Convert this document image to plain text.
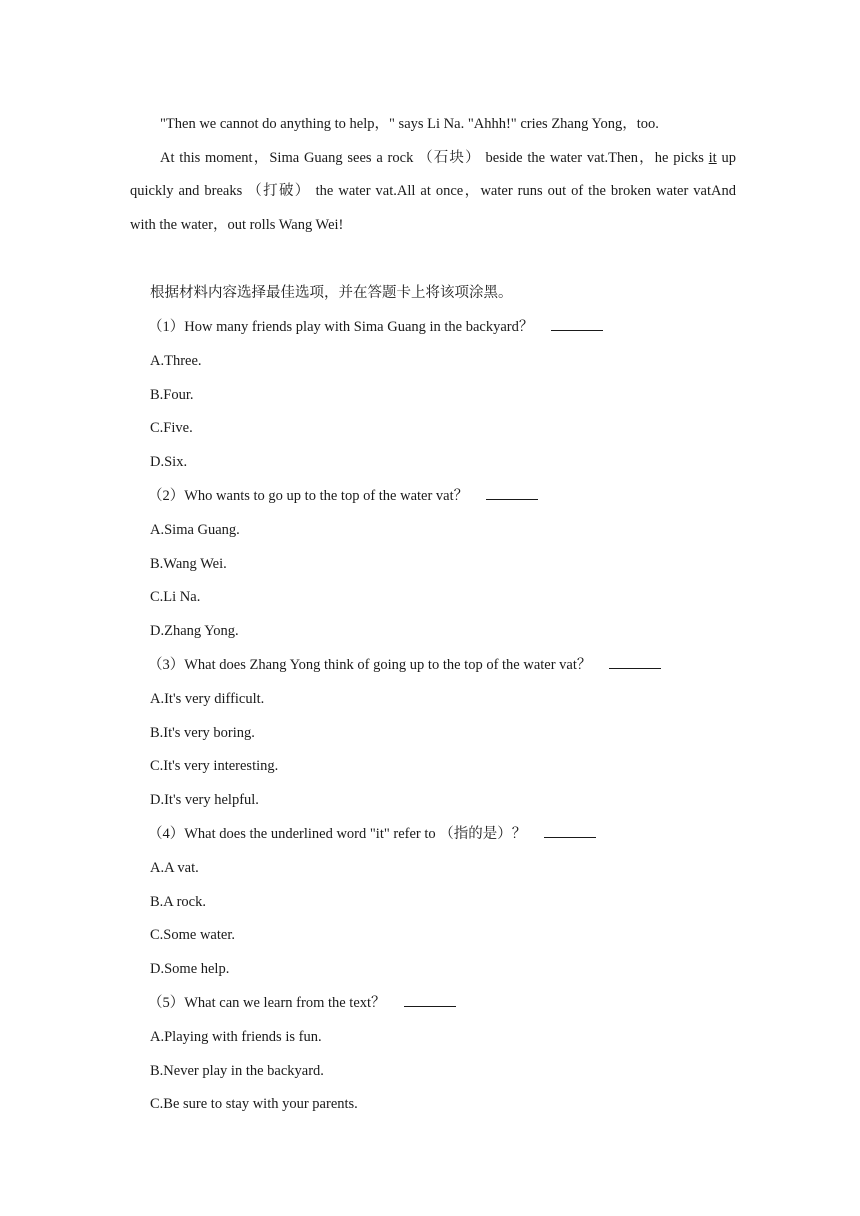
"Then we cannot do anything to help，" says Li Na. "Ahhh!" cries Zhang Yong，too.

At this moment，Sima Guang sees a rock （石块） beside the water vat.Then，he picks it up quickly and breaks （打破） the water vat.All at once，water runs out of the broken water vatAnd with the water，out rolls Wang Wei!

根据材料内容选择最佳选项，并在答题卡上将该项涂黑。

（1）How many friends play with Sima Guang in the backyard？

A.Three.

B.Four.

C.Five.

D.Six.

（2）Who wants to go up to the top of the water vat？

A.Sima Guang.

B.Wang Wei.

C.Li Na.

D.Zhang Yong.

（3）What does Zhang Yong think of going up to the top of the water vat？

A.It's very difficult.

B.It's very boring.

C.It's very interesting.

D.It's very helpful.

（4）What does the underlined word "it" refer to （指的是）？

A.A vat.

B.A rock.

C.Some water.

D.Some help.

（5）What can we learn from the text？

A.Playing with friends is fun.

B.Never play in the backyard.

C.Be sure to stay with your parents.
